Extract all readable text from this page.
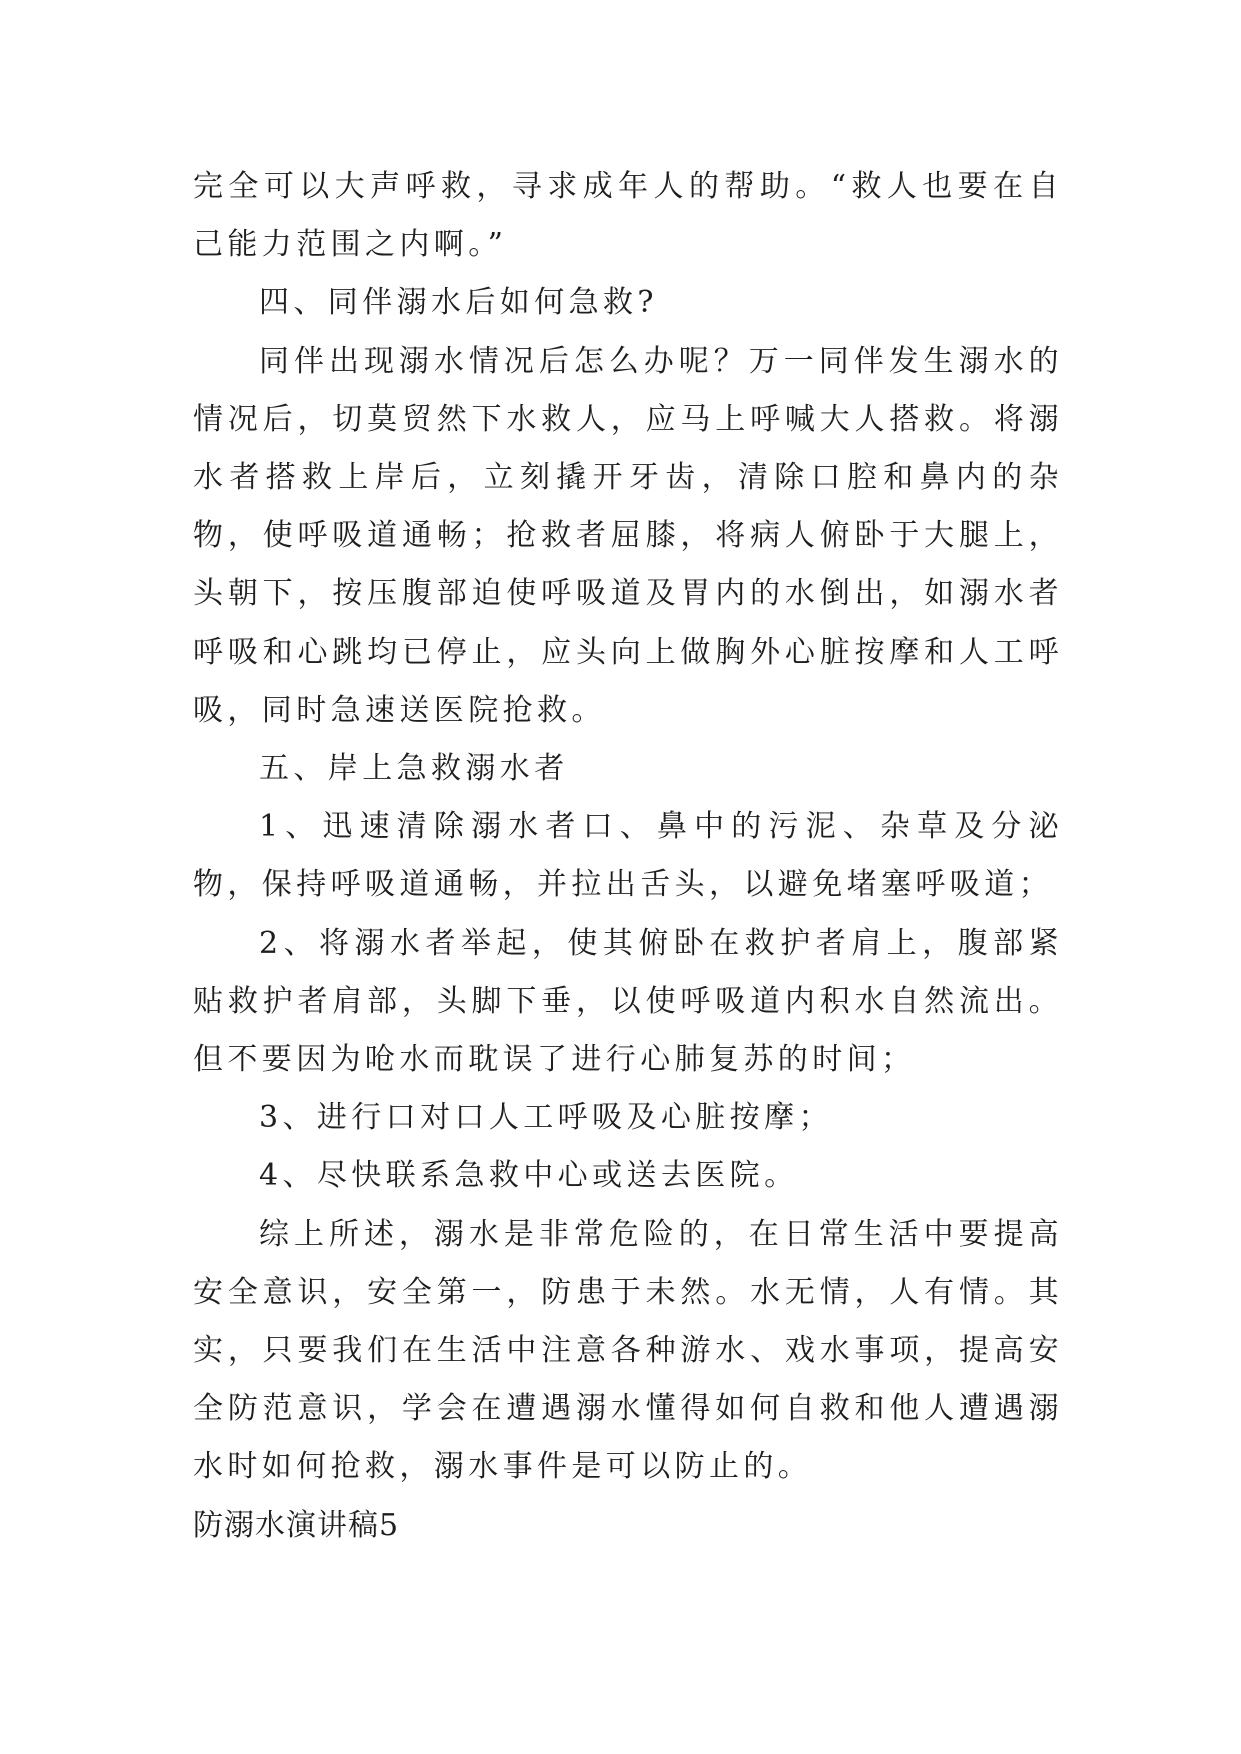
完全可以大声呼救，寻求成年人的帮助。“救人也要在自己能力范围之内啊。”

四、同伴溺水后如何急救?

同伴出现溺水情况后怎么办呢？万一同伴发生溺水的情况后，切莫贸然下水救人，应马上呼喊大人搭救。将溺水者搭救上岸后，立刻撬开牙齿，清除口腔和鼻内的杂物，使呼吸道通畅；抢救者屈膝，将病人俯卧于大腿上，头朝下，按压腹部迫使呼吸道及胃内的水倒出，如溺水者呼吸和心跳均已停止，应头向上做胸外心脏按摩和人工呼吸，同时急速送医院抢救。

五、岸上急救溺水者

1、迅速清除溺水者口、鼻中的污泥、杂草及分泌物，保持呼吸道通畅，并拉出舌头，以避免堵塞呼吸道；

2、将溺水者举起，使其俯卧在救护者肩上，腹部紧贴救护者肩部，头脚下垂，以使呼吸道内积水自然流出。但不要因为呛水而耽误了进行心肺复苏的时间；

3、进行口对口人工呼吸及心脏按摩；

4、尽快联系急救中心或送去医院。

综上所述，溺水是非常危险的，在日常生活中要提高安全意识，安全第一，防患于未然。水无情，人有情。其实，只要我们在生活中注意各种游水、戏水事项，提高安全防范意识，学会在遭遇溺水懂得如何自救和他人遭遇溺水时如何抢救，溺水事件是可以防止的。

防溺水演讲稿5
